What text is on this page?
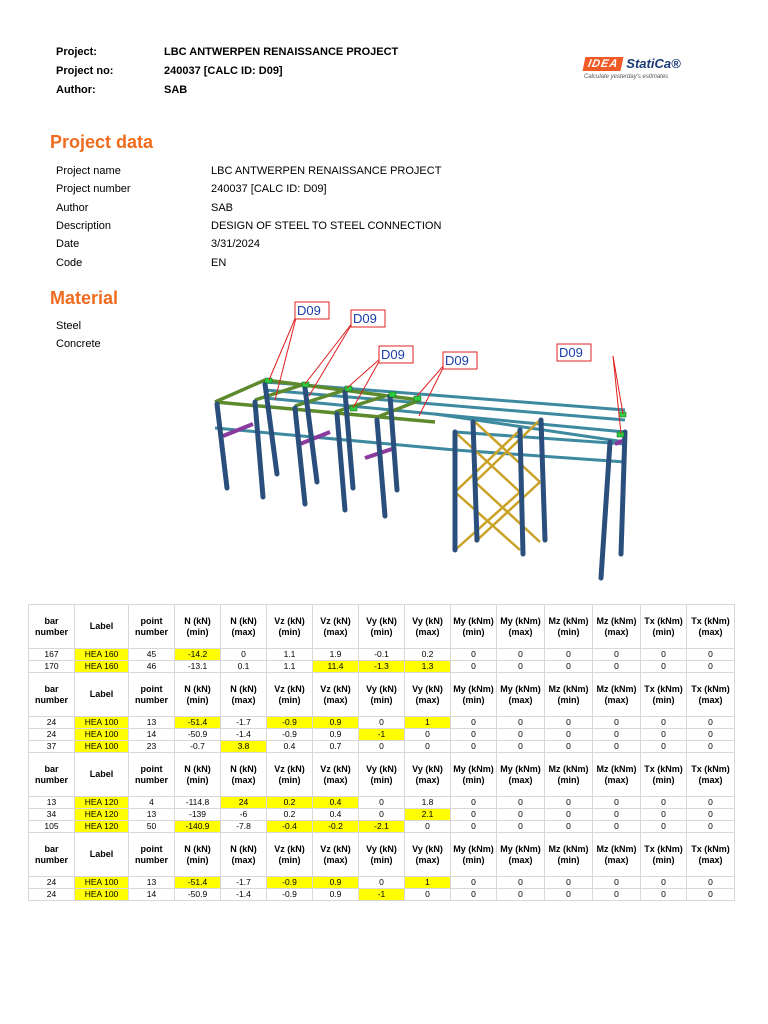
Project:	LBC ANTWERPEN RENAISSANCE PROJECT
Project no:	240037 [CALC ID: D09]
Author:	SAB
IDEA StatiCa®
Calculate yesterday's estimates
Project data
Project name	LBC ANTWERPEN RENAISSANCE PROJECT
Project number	240037 [CALC ID: D09]
Author	SAB
Description	DESIGN OF STEEL TO STEEL CONNECTION
Date	3/31/2024
Code	EN
Material
Steel
Concrete
D09
D09
D09	D09
D09
bar number	Label	point number	N (kN) (min)	N (kN) (max)	Vz (kN) (min)	Vz (kN) (max)	Vy (kN) (min)	Vy (kN) (max)	My (kNm) (min)	My (kNm) (max)	Mz (kNm) (min)	Mz (kNm) (max)	Tx (kNm) (min)	Tx (kNm) (max)
167	HEA 160	45	-14.2	0	1.1	1.9	-0.1	0.2	0	0	0	0	0	0
170	HEA 160	46	-13.1	0.1	1.1	11.4	-1.3	1.3	0	0	0	0	0	0
bar number	Label	point number	N (kN) (min)	N (kN) (max)	Vz (kN) (min)	Vz (kN) (max)	Vy (kN) (min)	Vy (kN) (max)	My (kNm) (min)	My (kNm) (max)	Mz (kNm) (min)	Mz (kNm) (max)	Tx (kNm) (min)	Tx (kNm) (max)
24	HEA 100	13	-51.4	-1.7	-0.9	0.9	0	1	0	0	0	0	0	0
24	HEA 100	14	-50.9	-1.4	-0.9	0.9	-1	0	0	0	0	0	0	0
37	HEA 100	23	-0.7	3.8	0.4	0.7	0	0	0	0	0	0	0	0
bar number	Label	point number	N (kN) (min)	N (kN) (max)	Vz (kN) (min)	Vz (kN) (max)	Vy (kN) (min)	Vy (kN) (max)	My (kNm) (min)	My (kNm) (max)	Mz (kNm) (min)	Mz (kNm) (max)	Tx (kNm) (min)	Tx (kNm) (max)
13	HEA 120	4	-114.8	24	0.2	0.4	0	1.8	0	0	0	0	0	0
34	HEA 120	13	-139	-6	0.2	0.4	0	2.1	0	0	0	0	0	0
105	HEA 120	50	-140.9	-7.8	-0.4	-0.2	-2.1	0	0	0	0	0	0	0
bar number	Label	point number	N (kN) (min)	N (kN) (max)	Vz (kN) (min)	Vz (kN) (max)	Vy (kN) (min)	Vy (kN) (max)	My (kNm) (min)	My (kNm) (max)	Mz (kNm) (min)	Mz (kNm) (max)	Tx (kNm) (min)	Tx (kNm) (max)
24	HEA 100	13	-51.4	-1.7	-0.9	0.9	0	1	0	0	0	0	0	0
24	HEA 100	14	-50.9	-1.4	-0.9	0.9	-1	0	0	0	0	0	0	0
